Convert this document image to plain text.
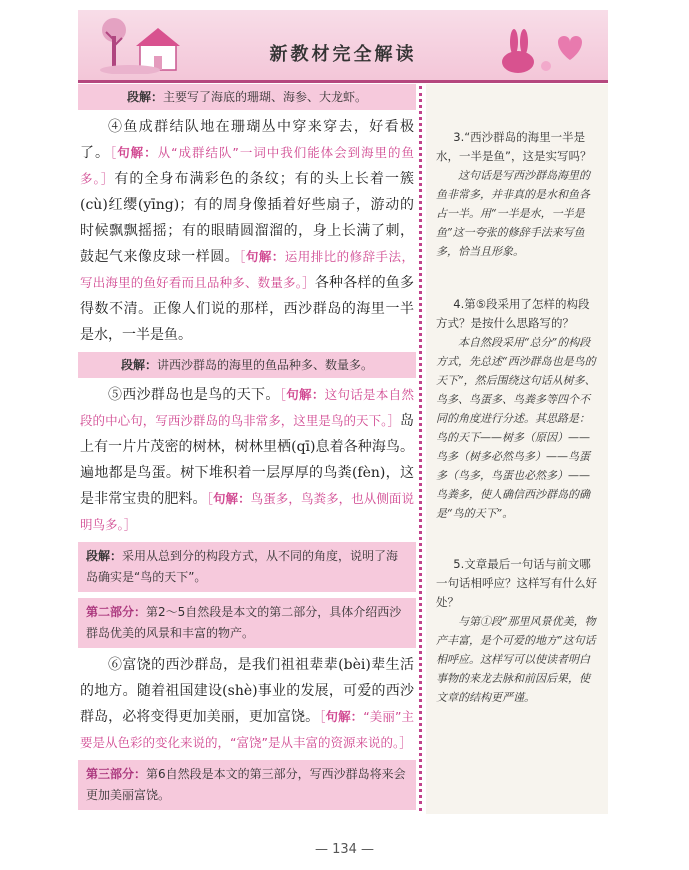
新教材完全解读
段解：主要写了海底的珊瑚、海参、大龙虾。

④鱼成群结队地在珊瑚丛中穿来穿去，好看极了。［句解：从“成群结队”一词中我们能体会到海里的鱼多。］有的全身布满彩色的条纹；有的头上长着一簇(cù)红缨(yīng)；有的周身像插着好些扇子，游动的时候飘飘摇摇；有的眼睛圆溜溜的，身上长满了刺，鼓起气来像皮球一样圆。［句解：运用排比的修辞手法，写出海里的鱼好看而且品种多、数量多。］各种各样的鱼多得数不清。正像人们说的那样，西沙群岛的海里一半是水，一半是鱼。

段解：讲西沙群岛的海里的鱼品种多、数量多。

⑤西沙群岛也是鸟的天下。［句解：这句话是本自然段的中心句，写西沙群岛的鸟非常多，这里是鸟的天下。］岛上有一片片茂密的树林，树林里栖(qī)息着各种海鸟。遍地都是鸟蛋。树下堆积着一层厚厚的鸟粪(fèn)，这是非常宝贵的肥料。［句解：鸟蛋多，鸟粪多，也从侧面说明鸟多。］

段解：采用从总到分的构段方式，从不同的角度，说明了海岛确实是“鸟的天下”。
第二部分：第2～5自然段是本文的第二部分，具体介绍西沙群岛优美的风景和丰富的物产。

⑥富饶的西沙群岛，是我们祖祖辈辈(bèi)辈生活的地方。随着祖国建设(shè)事业的发展，可爱的西沙群岛，必将变得更加美丽，更加富饶。［句解：“美丽”主要是从色彩的变化来说的，“富饶”是从丰富的资源来说的。］

第三部分：第6自然段是本文的第三部分，写西沙群岛将来会更加美丽富饶。

3.“西沙群岛的海里一半是水，一半是鱼”，这是实写吗？

这句话是写西沙群岛海里的鱼非常多，并非真的是水和鱼各占一半。用“一半是水，一半是鱼”这一夸张的修辞手法来写鱼多，恰当且形象。

4.第⑤段采用了怎样的构段方式？是按什么思路写的？

本自然段采用“总分”的构段方式，先总述“西沙群岛也是鸟的天下”，然后围绕这句话从树多、鸟多、鸟蛋多、鸟粪多等四个不同的角度进行分述。其思路是：鸟的天下——树多（原因）——鸟多（树多必然鸟多）——鸟蛋多（鸟多，鸟蛋也必然多）——鸟粪多，使人确信西沙群岛的确是“鸟的天下”。

5.文章最后一句话与前文哪一句话相呼应？这样写有什么好处？

与第①段“那里风景优美，物产丰富，是个可爱的地方”这句话相呼应。这样写可以使读者明白事物的来龙去脉和前因后果，使文章的结构更严谨。

— 134 —
